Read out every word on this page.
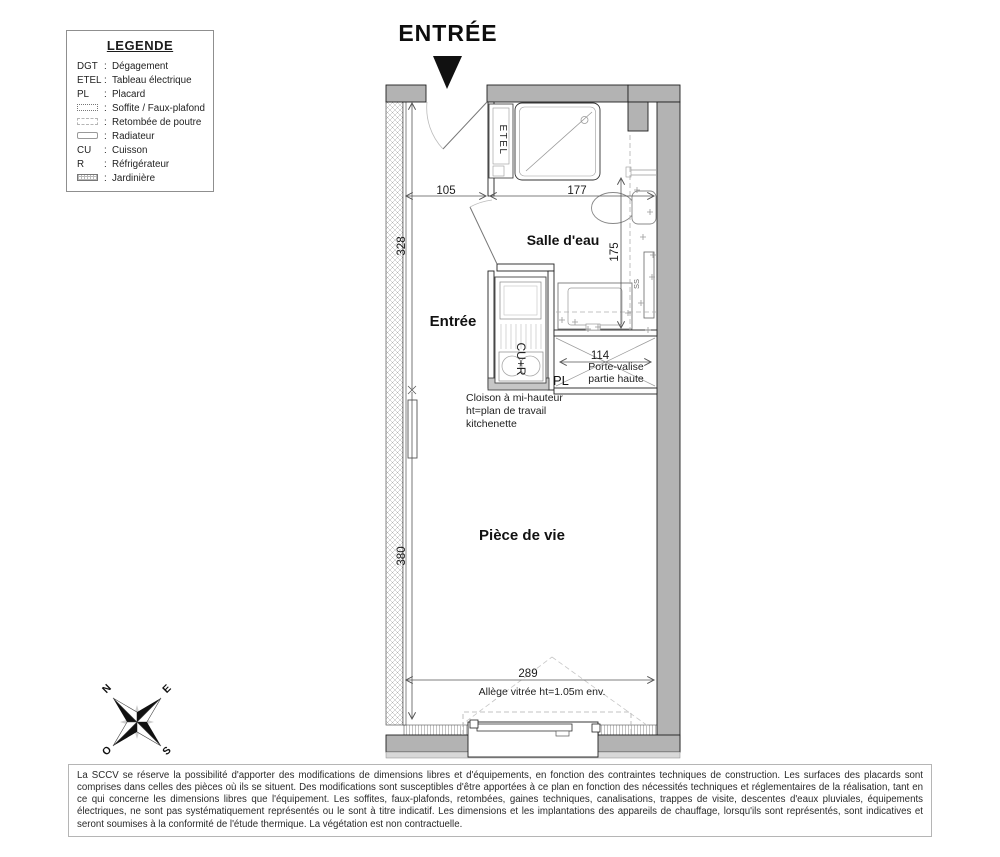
ENTRÉE
LEGENDE
DGT : Dégagement
ETEL : Tableau électrique
PL	: Placard
: Soffite / Faux-plafond
: Retombée de poutre
: Radiateur
CU	: Cuisson
R	: Réfrigérateur
: Jardinière
105	177
328	175
114
380
289
Salle d'eau
Entrée
Pièce de vie
ETEL
CU+R
SS
PL
Porte-valise
partie haute
Cloison à mi-hauteur
ht=plan de travail
kitchenette
Allège vitrée ht=1.05m env.
N	E
S
O
La SCCV se réserve la possibilité d'apporter des modifications de dimensions libres et d'équipements, en fonction des contraintes techniques de construction. Les surfaces des placards sont comprises dans celles des pièces où ils se situent. Des modifications sont susceptibles d'être apportées à ce plan en fonction des nécessités techniques et réglementaires de la réalisation, tant en ce qui concerne les dimensions libres que l'équipement. Les soffites, faux-plafonds, retombées, gaines techniques, canalisations, trappes de visite, descentes d'eaux pluviales, équipements électriques, ne sont pas systématiquement représentés ou le sont à titre indicatif. Les dimensions et les implantations des appareils de chauffage, lorsqu'ils sont représentés, sont indicatives et seront soumises à la conformité de l'étude thermique. La végétation est non contractuelle.
